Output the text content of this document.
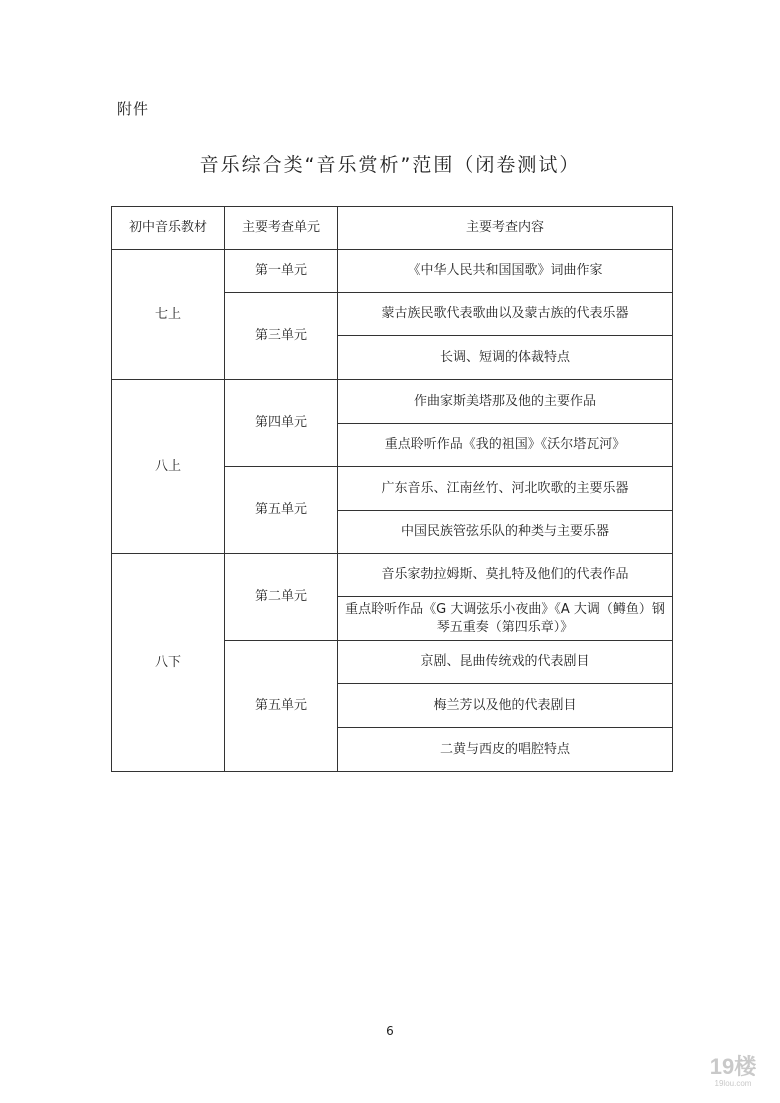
附件
音乐综合类“音乐赏析”范围（闭卷测试）
初中音乐教材	主要考查单元	主要考查内容
七上	第一单元	《中华人民共和国国歌》词曲作家
	第三单元	蒙古族民歌代表歌曲以及蒙古族的代表乐器
		长调、短调的体裁特点
八上	第四单元	作曲家斯美塔那及他的主要作品
		重点聆听作品《我的祖国》《沃尔塔瓦河》
	第五单元	广东音乐、江南丝竹、河北吹歌的主要乐器
		中国民族管弦乐队的种类与主要乐器
八下	第二单元	音乐家勃拉姆斯、莫扎特及他们的代表作品
		重点聆听作品《G 大调弦乐小夜曲》《A 大调（鳟鱼）钢琴五重奏（第四乐章）》
	第五单元	京剧、昆曲传统戏的代表剧目
		梅兰芳以及他的代表剧目
		二黄与西皮的唱腔特点
6
19楼
19lou.com
